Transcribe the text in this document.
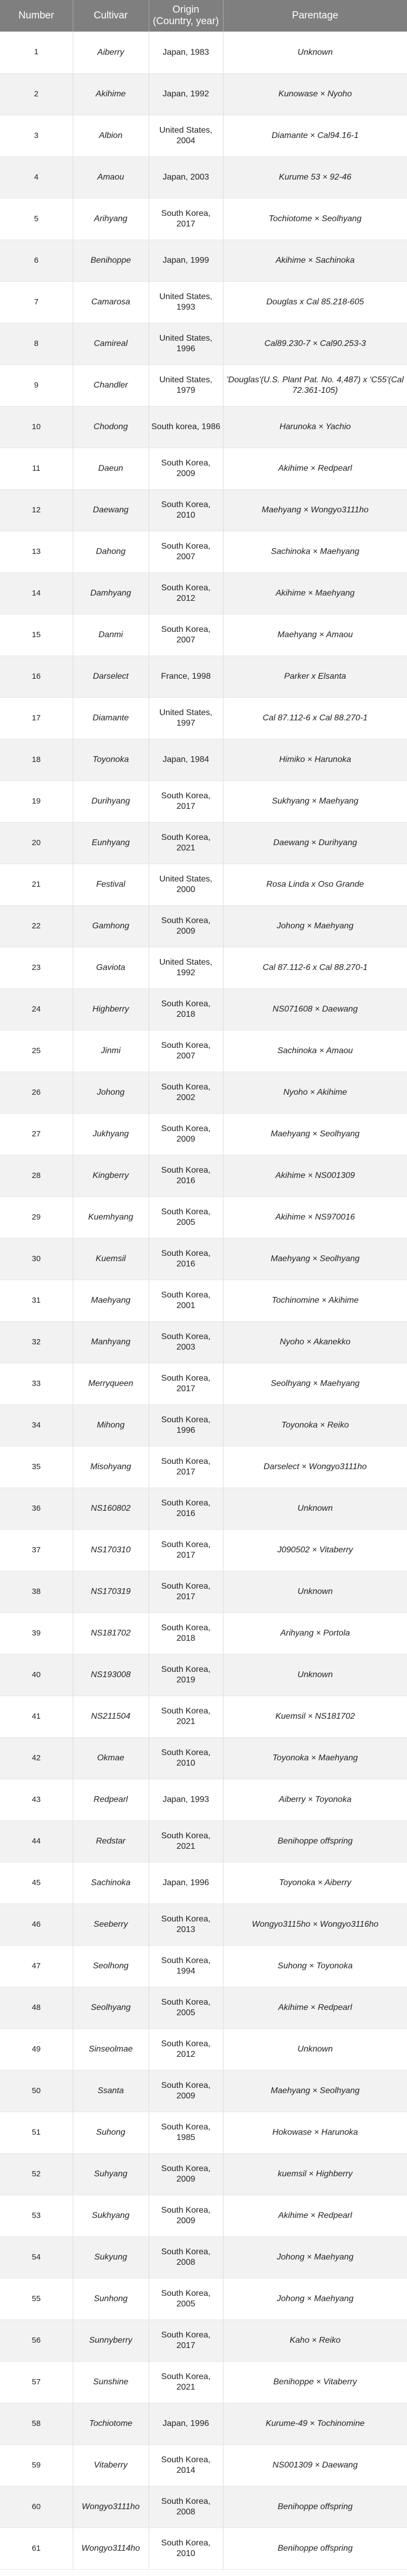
Number	Cultivar	Origin (Country, year)	Parentage
1	Aiberry	Japan, 1983	Unknown
2	Akihime	Japan, 1992	Kunowase × Nyoho
3	Albion	United States, 2004	Diamante × Cal94.16-1
4	Amaou	Japan, 2003	Kurume 53 × 92-46
5	Arihyang	South Korea, 2017	Tochiotome × Seolhyang
6	Benihoppe	Japan, 1999	Akihime × Sachinoka
7	Camarosa	United States, 1993	Douglas x Cal 85.218-605
8	Camireal	United States, 1996	Cal89.230-7 × Cal90.253-3
9	Chandler	United States, 1979	'Douglas'(U.S. Plant Pat. No. 4,487) x 'C55'(Cal 72.361-105)
10	Chodong	South korea, 1986	Harunoka × Yachio
11	Daeun	South Korea, 2009	Akihime × Redpearl
12	Daewang	South Korea, 2010	Maehyang × Wongyo3111ho
13	Dahong	South Korea, 2007	Sachinoka × Maehyang
14	Damhyang	South Korea, 2012	Akihime × Maehyang
15	Danmi	South Korea, 2007	Maehyang × Amaou
16	Darselect	France, 1998	Parker x Elsanta
17	Diamante	United States, 1997	Cal 87.112-6 x Cal 88.270-1
18	Toyonoka	Japan, 1984	Himiko × Harunoka
19	Durihyang	South Korea, 2017	Sukhyang × Maehyang
20	Eunhyang	South Korea, 2021	Daewang × Durihyang
21	Festival	United States, 2000	Rosa Linda x Oso Grande
22	Gamhong	South Korea, 2009	Johong × Maehyang
23	Gaviota	United States, 1992	Cal 87.112-6 x Cal 88.270-1
24	Highberry	South Korea, 2018	NS071608 × Daewang
25	Jinmi	South Korea, 2007	Sachinoka × Amaou
26	Johong	South Korea, 2002	Nyoho × Akihime
27	Jukhyang	South Korea, 2009	Maehyang × Seolhyang
28	Kingberry	South Korea, 2016	Akihime × NS001309
29	Kuemhyang	South Korea, 2005	Akihime × NS970016
30	Kuemsil	South Korea, 2016	Maehyang × Seolhyang
31	Maehyang	South Korea, 2001	Tochinomine × Akihime
32	Manhyang	South Korea, 2003	Nyoho × Akanekko
33	Merryqueen	South Korea, 2017	Seolhyang × Maehyang
34	Mihong	South Korea, 1996	Toyonoka × Reiko
35	Misohyang	South Korea, 2017	Darselect × Wongyo3111ho
36	NS160802	South Korea, 2016	Unknown
37	NS170310	South Korea, 2017	J090502 × Vitaberry
38	NS170319	South Korea, 2017	Unknown
39	NS181702	South Korea, 2018	Arihyang × Portola
40	NS193008	South Korea, 2019	Unknown
41	NS211504	South Korea, 2021	Kuemsil × NS181702
42	Okmae	South Korea, 2010	Toyonoka × Maehyang
43	Redpearl	Japan, 1993	Aiberry × Toyonoka
44	Redstar	South Korea, 2021	Benihoppe offspring
45	Sachinoka	Japan, 1996	Toyonoka × Aiberry
46	Seeberry	South Korea, 2013	Wongyo3115ho × Wongyo3116ho
47	Seolhong	South Korea, 1994	Suhong × Toyonoka
48	Seolhyang	South Korea, 2005	Akihime × Redpearl
49	Sinseolmae	South Korea, 2012	Unknown
50	Ssanta	South Korea, 2009	Maehyang × Seolhyang
51	Suhong	South Korea, 1985	Hokowase × Harunoka
52	Suhyang	South Korea, 2009	kuemsil × Highberry
53	Sukhyang	South Korea, 2009	Akihime × Redpearl
54	Sukyung	South Korea, 2008	Johong × Maehyang
55	Sunhong	South Korea, 2005	Johong × Maehyang
56	Sunnyberry	South Korea, 2017	Kaho × Reiko
57	Sunshine	South Korea, 2021	Benihoppe × Vitaberry
58	Tochiotome	Japan, 1996	Kurume-49 × Tochinomine
59	Vitaberry	South Korea, 2014	NS001309 × Daewang
60	Wongyo3111ho	South Korea, 2008	Benihoppe offspring
61	Wongyo3114ho	South Korea, 2010	Benihoppe offspring
